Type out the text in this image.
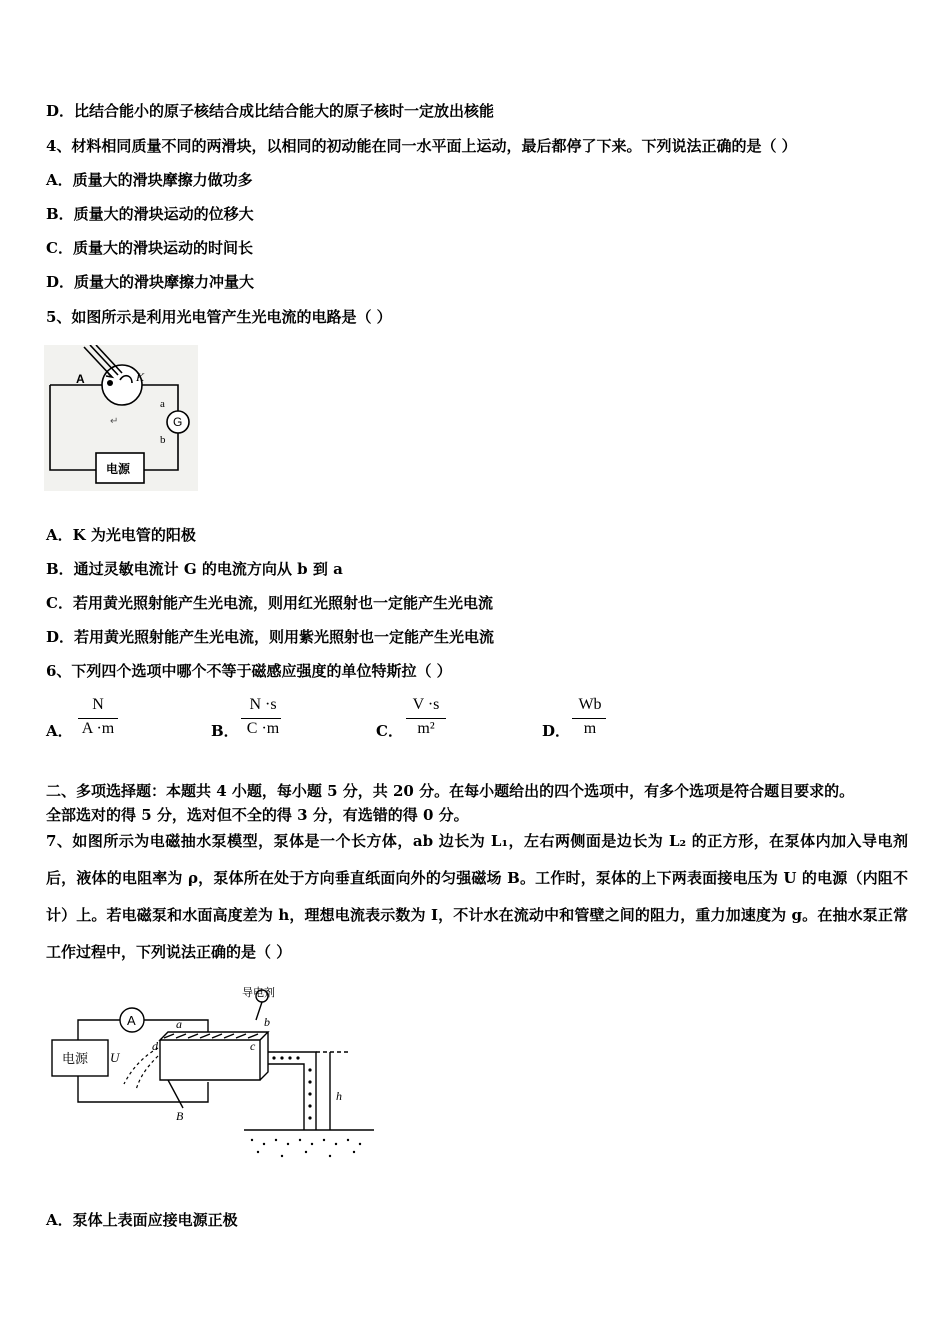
D．比结合能小的原子核结合成比结合能大的原子核时一定放出核能
4、材料相同质量不同的两滑块，以相同的初动能在同一水平面上运动，最后都停了下来。下列说法正确的是（ ）
A．质量大的滑块摩擦力做功多
B．质量大的滑块运动的位移大
C．质量大的滑块运动的时间长
D．质量大的滑块摩擦力冲量大
5、如图所示是利用光电管产生光电流的电路是（ ）
A	K
a
b
G
电源
↵
A．K 为光电管的阳极
B．通过灵敏电流计 G 的电流方向从 b 到 a
C．若用黄光照射能产生光电流，则用红光照射也一定能产生光电流
D．若用黄光照射能产生光电流，则用紫光照射也一定能产生光电流
6、下列四个选项中哪个不等于磁感应强度的单位特斯拉（ ）
A．
N
A ·m	B．
N ·s
C ·m	C．
V ·s
m²	D．
Wb
m
二、多项选择题：本题共 4 小题，每小题 5 分，共 20 分。在每小题给出的四个选项中，有多个选项是符合题目要求的。
全部选对的得 5 分，选对但不全的得 3 分，有选错的得 0 分。
7、如图所示为电磁抽水泵模型，泵体是一个长方体，ab 边长为 L₁，左右两侧面是边长为 L₂ 的正方形，在泵体内加入导电剂后，液体的电阻率为 ρ，泵体所在处于方向垂直纸面向外的匀强磁场 B。工作时，泵体的上下两表面接电压为 U 的电源（内阻不计）上。若电磁泵和水面高度差为 h，理想电流表示数为 I，不计水在流动中和管壁之间的阻力，重力加速度为 g。在抽水泵正常工作过程中，下列说法正确的是（ ）
导电剂
A
电源 U
a	b
c
d
B
h
A．泵体上表面应接电源正极
